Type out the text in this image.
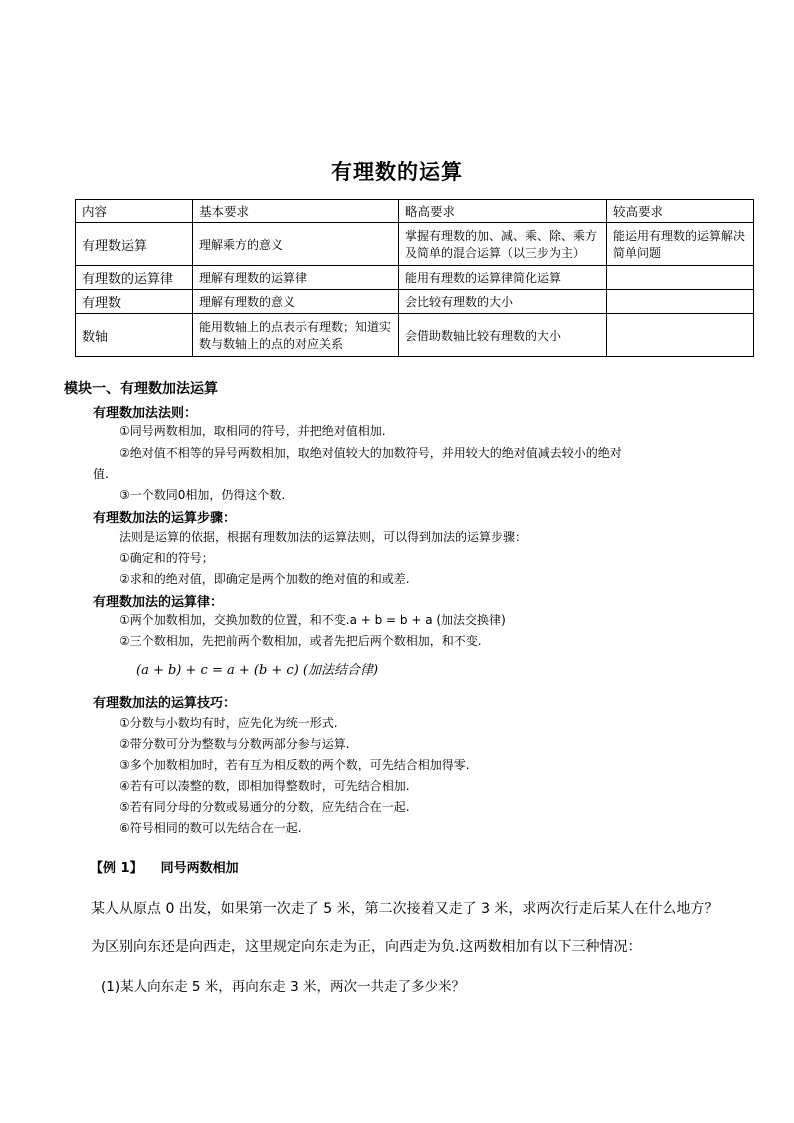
有理数的运算
内容	基本要求	略高要求	较高要求
有理数运算	理解乘方的意义	掌握有理数的加、减、乘、除、乘方及简单的混合运算（以三步为主）	能运用有理数的运算解决简单问题
有理数的运算律	理解有理数的运算律	能用有理数的运算律简化运算	
有理数	理解有理数的意义	会比较有理数的大小	
数轴	能用数轴上的点表示有理数；知道实数与数轴上的点的对应关系	会借助数轴比较有理数的大小	
模块一、有理数加法运算
有理数加法法则：
①同号两数相加，取相同的符号，并把绝对值相加.
②绝对值不相等的异号两数相加，取绝对值较大的加数符号，并用较大的绝对值减去较小的绝对
值.
③一个数同0相加，仍得这个数.
有理数加法的运算步骤：
法则是运算的依据，根据有理数加法的运算法则，可以得到加法的运算步骤：
①确定和的符号；
②求和的绝对值，即确定是两个加数的绝对值的和或差.
有理数加法的运算律：
①两个加数相加，交换加数的位置，和不变.a + b = b + a (加法交换律)
②三个数相加，先把前两个数相加，或者先把后两个数相加，和不变.
(a + b) + c = a + (b + c) (加法结合律)
有理数加法的运算技巧：
①分数与小数均有时，应先化为统一形式.
②带分数可分为整数与分数两部分参与运算.
③多个加数相加时，若有互为相反数的两个数，可先结合相加得零.
④若有可以凑整的数，即相加得整数时，可先结合相加.
⑤若有同分母的分数或易通分的分数，应先结合在一起.
⑥符号相同的数可以先结合在一起.
【例 1】 同号两数相加
某人从原点 0 出发，如果第一次走了 5 米，第二次接着又走了 3 米，求两次行走后某人在什么地方？
为区别向东还是向西走，这里规定向东走为正，向西走为负.这两数相加有以下三种情况：
(1)某人向东走 5 米，再向东走 3 米，两次一共走了多少米？
